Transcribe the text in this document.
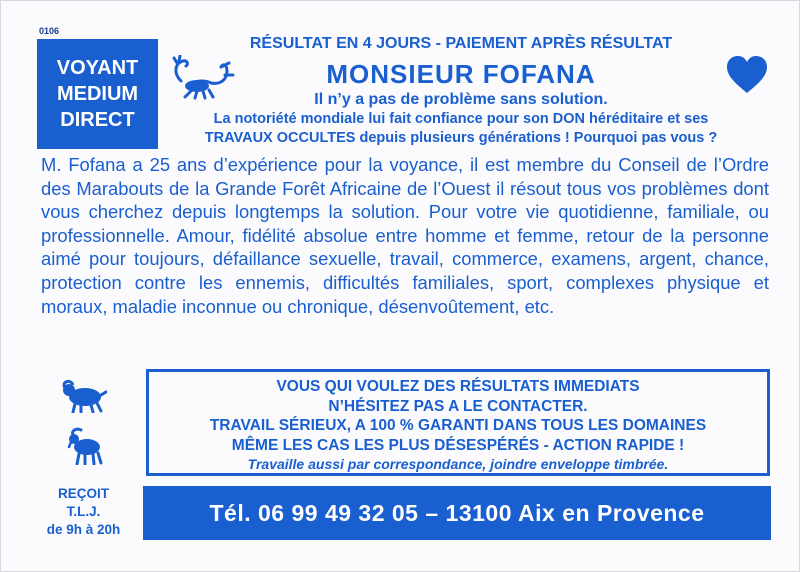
0106
VOYANT
MEDIUM
DIRECT
RÉSULTAT EN 4 JOURS - PAIEMENT APRÈS RÉSULTAT
MONSIEUR FOFANA
Il n’y a pas de problème sans solution.
La notoriété mondiale lui fait confiance pour son DON héréditaire et ses
TRAVAUX OCCULTES depuis plusieurs générations ! Pourquoi pas vous ?

M. Fofana a 25 ans d’expérience pour la voyance, il est membre du Conseil de l’Ordre des Marabouts de la Grande Forêt Africaine de l’Ouest il résout tous vos problèmes dont vous cherchez depuis longtemps la solution. Pour votre vie quotidienne, familiale, ou professionnelle. Amour, fidélité absolue entre homme et femme, retour de la personne aimé pour toujours, défaillance sexuelle, travail, commerce, examens, argent, chance, protection contre les ennemis, difficultés familiales, sport, complexes physique et moraux, maladie inconnue ou chronique, désenvoûtement, etc.

VOUS QUI VOULEZ DES RÉSULTATS IMMEDIATS
N’HÉSITEZ PAS A LE CONTACTER.
TRAVAIL SÉRIEUX, A 100 % GARANTI DANS TOUS LES DOMAINES
MÊME LES CAS LES PLUS DÉSESPÉRÉS - ACTION RAPIDE !
Travaille aussi par correspondance, joindre enveloppe timbrée.
REÇOIT
T.L.J.
de 9h à 20h
Tél. 06 99 49 32 05 – 13100 Aix en Provence
